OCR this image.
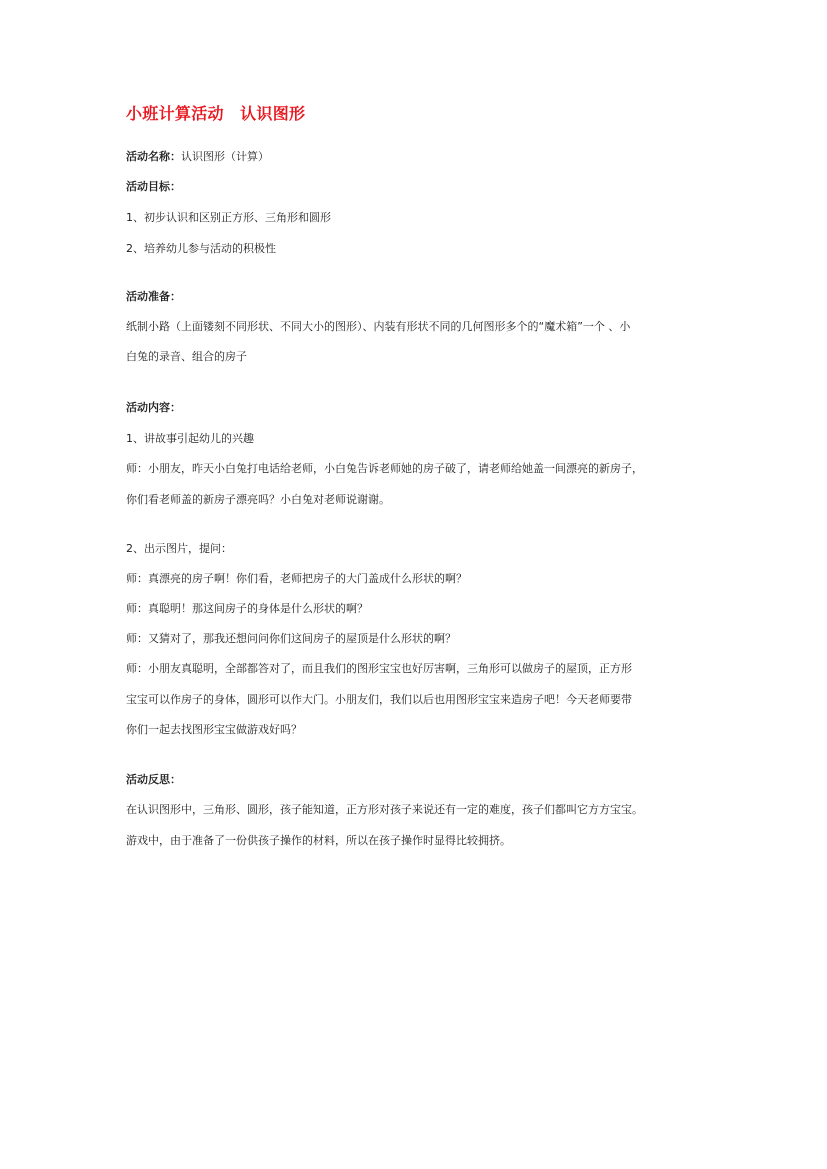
小班计算活动　认识图形
活动名称：认识图形（计算）
活动目标：
1、初步认识和区别正方形、三角形和圆形
2、培养幼儿参与活动的积极性
活动准备：
纸制小路（上面镂刻不同形状、不同大小的图形）、内装有形状不同的几何图形多个的“魔术箱”一个 、小
白兔的录音、组合的房子
活动内容：
1、讲故事引起幼儿的兴趣
师：小朋友，昨天小白兔打电话给老师，小白兔告诉老师她的房子破了，请老师给她盖一间漂亮的新房子，
你们看老师盖的新房子漂亮吗？小白兔对老师说谢谢。
2、出示图片，提问：
师：真漂亮的房子啊！你们看，老师把房子的大门盖成什么形状的啊？
师：真聪明！那这间房子的身体是什么形状的啊？
师：又猜对了，那我还想问问你们这间房子的屋顶是什么形状的啊？
师：小朋友真聪明，全部都答对了，而且我们的图形宝宝也好厉害啊，三角形可以做房子的屋顶，正方形
宝宝可以作房子的身体，圆形可以作大门。小朋友们，我们以后也用图形宝宝来造房子吧！今天老师要带
你们一起去找图形宝宝做游戏好吗？
活动反思：
在认识图形中，三角形、圆形，孩子能知道，正方形对孩子来说还有一定的难度，孩子们都叫它方方宝宝。
游戏中，由于准备了一份供孩子操作的材料，所以在孩子操作时显得比较拥挤。
